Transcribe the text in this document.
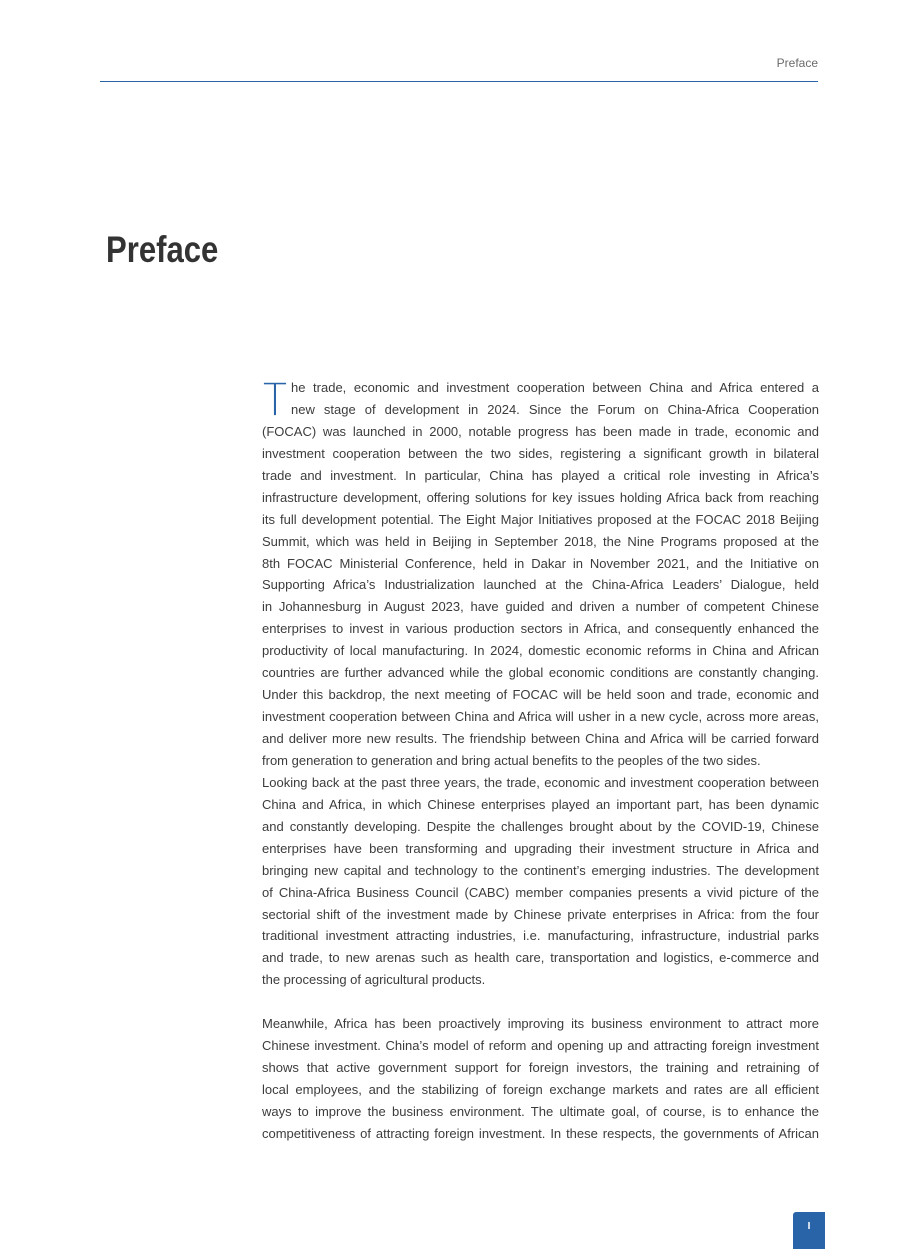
Preface
Preface
T he trade, economic and investment cooperation between China and Africa entered a
new stage of development in 2024. Since the Forum on China-Africa Cooperation
(FOCAC) was launched in 2000, notable progress has been made in trade, economic and
investment cooperation between the two sides, registering a significant growth in bilateral
trade and investment. In particular, China has played a critical role investing in Africa’s
infrastructure development, offering solutions for key issues holding Africa back from reaching
its full development potential. The Eight Major Initiatives proposed at the FOCAC 2018 Beijing
Summit, which was held in Beijing in September 2018, the Nine Programs proposed at the
8th FOCAC Ministerial Conference, held in Dakar in November 2021, and the Initiative on
Supporting Africa’s Industrialization launched at the China-Africa Leaders’ Dialogue, held
in Johannesburg in August 2023, have guided and driven a number of competent Chinese
enterprises to invest in various production sectors in Africa, and consequently enhanced the
productivity of local manufacturing. In 2024, domestic economic reforms in China and African
countries are further advanced while the global economic conditions are constantly changing.
Under this backdrop, the next meeting of FOCAC will be held soon and trade, economic and
investment cooperation between China and Africa will usher in a new cycle, across more areas,
and deliver more new results. The friendship between China and Africa will be carried forward
from generation to generation and bring actual benefits to the peoples of the two sides.
Looking back at the past three years, the trade, economic and investment cooperation between
China and Africa, in which Chinese enterprises played an important part, has been dynamic
and constantly developing. Despite the challenges brought about by the COVID-19, Chinese
enterprises have been transforming and upgrading their investment structure in Africa and
bringing new capital and technology to the continent’s emerging industries. The development
of China-Africa Business Council (CABC) member companies presents a vivid picture of the
sectorial shift of the investment made by Chinese private enterprises in Africa: from the four
traditional investment attracting industries, i.e. manufacturing, infrastructure, industrial parks
and trade, to new arenas such as health care, transportation and logistics, e-commerce and
the processing of agricultural products.
Meanwhile, Africa has been proactively improving its business environment to attract more
Chinese investment. China’s model of reform and opening up and attracting foreign investment
shows that active government support for foreign investors, the training and retraining of
local employees, and the stabilizing of foreign exchange markets and rates are all efficient
ways to improve the business environment. The ultimate goal, of course, is to enhance the
competitiveness of attracting foreign investment. In these respects, the governments of African
I
